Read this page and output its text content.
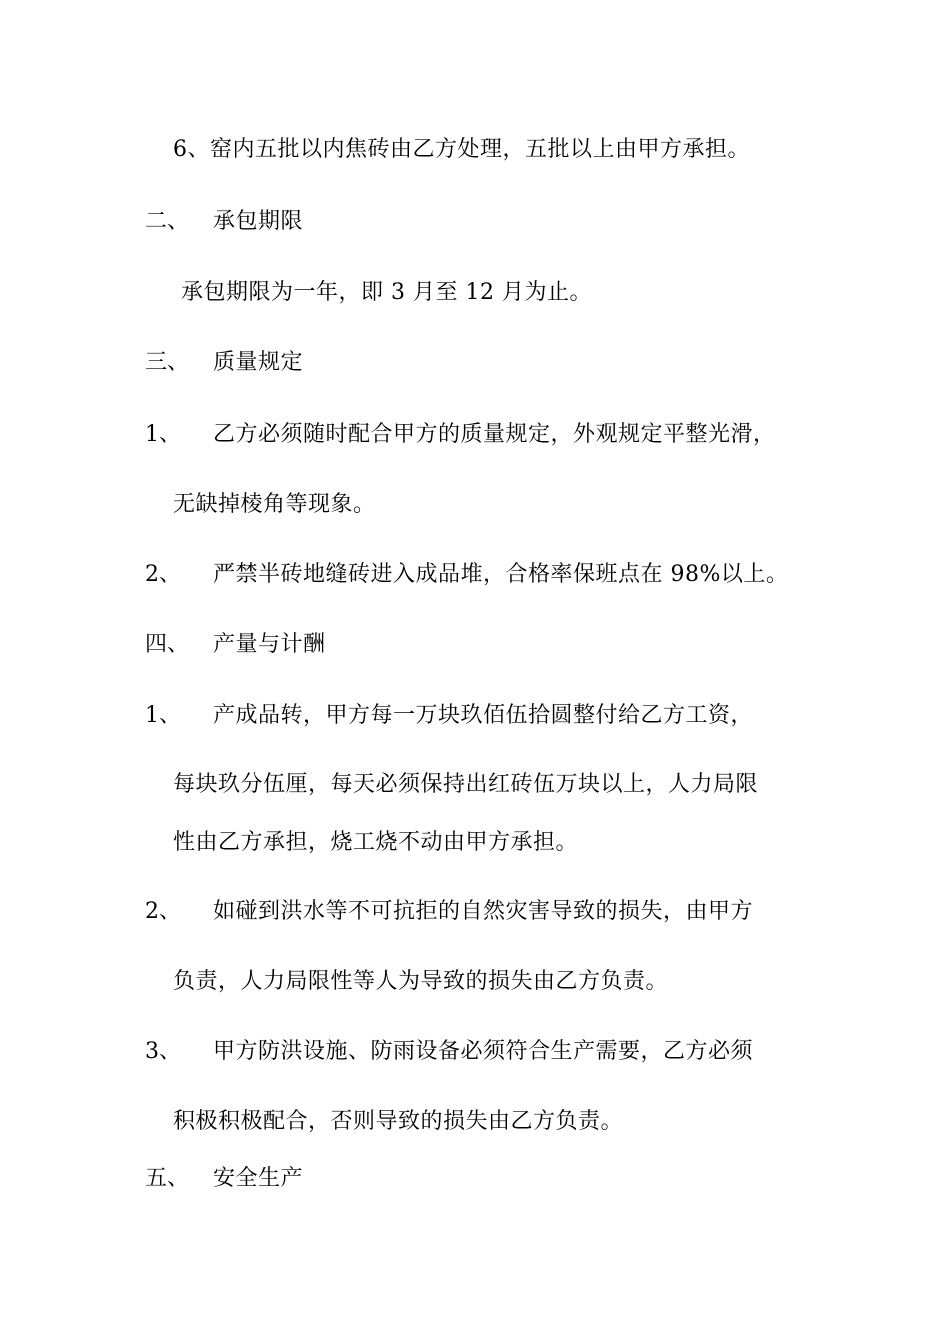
6、窑内五批以内焦砖由乙方处理，五批以上由甲方承担。
二、 承包期限
承包期限为一年，即 3 月至 12 月为止。
三、 质量规定
1、 乙方必须随时配合甲方的质量规定，外观规定平整光滑，
无缺掉棱角等现象。
2、 严禁半砖地缝砖进入成品堆，合格率保班点在 98%以上。
四、 产量与计酬
1、 产成品转，甲方每一万块玖佰伍拾圆整付给乙方工资，
每块玖分伍厘，每天必须保持出红砖伍万块以上，人力局限
性由乙方承担，烧工烧不动由甲方承担。
2、 如碰到洪水等不可抗拒的自然灾害导致的损失，由甲方
负责，人力局限性等人为导致的损失由乙方负责。
3、 甲方防洪设施、防雨设备必须符合生产需要，乙方必须
积极积极配合，否则导致的损失由乙方负责。
五、 安全生产
